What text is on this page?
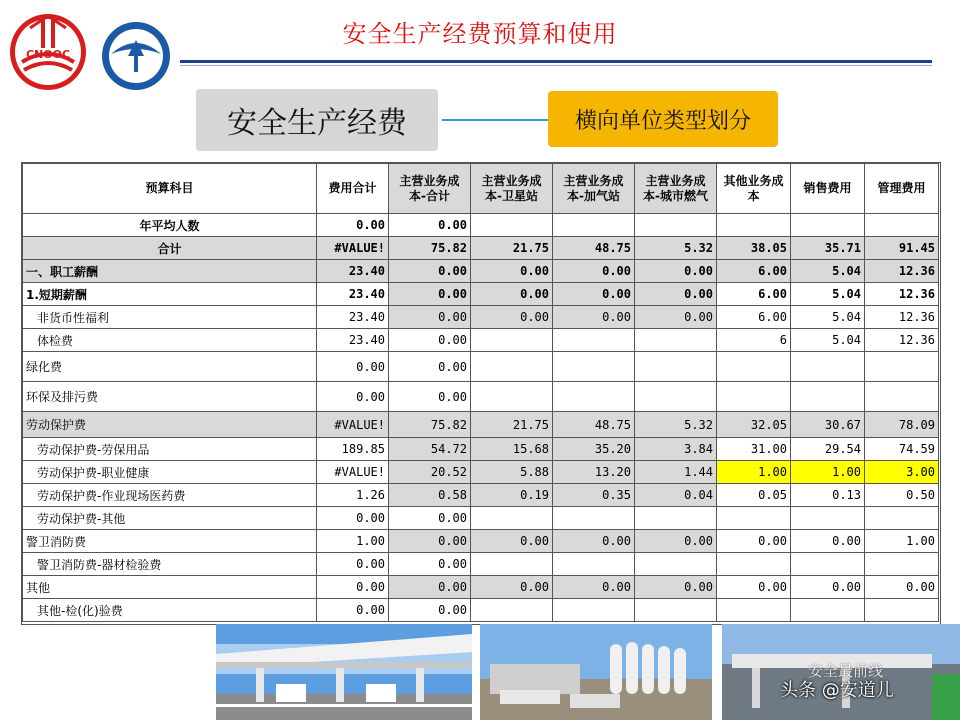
CNOOC
安全生产经费预算和使用
安全生产经费	横向单位类型划分
预算科目	费用合计	主营业务成本-合计	主营业务成本-卫星站	主营业务成本-加气站	主营业务成本-城市燃气	其他业务成本	销售费用	管理费用
年平均人数	0.00	0.00						
合计	#VALUE!	75.82	21.75	48.75	5.32	38.05	35.71	91.45
一、职工薪酬	23.40	0.00	0.00	0.00	0.00	6.00	5.04	12.36
1.短期薪酬	23.40	0.00	0.00	0.00	0.00	6.00	5.04	12.36
非货币性福利	23.40	0.00	0.00	0.00	0.00	6.00	5.04	12.36
体检费	23.40	0.00				6	5.04	12.36
绿化费	0.00	0.00						
环保及排污费	0.00	0.00						
劳动保护费	#VALUE!	75.82	21.75	48.75	5.32	32.05	30.67	78.09
劳动保护费-劳保用品	189.85	54.72	15.68	35.20	3.84	31.00	29.54	74.59
劳动保护费-职业健康	#VALUE!	20.52	5.88	13.20	1.44	1.00	1.00	3.00
劳动保护费-作业现场医药费	1.26	0.58	0.19	0.35	0.04	0.05	0.13	0.50
劳动保护费-其他	0.00	0.00						
警卫消防费	1.00	0.00	0.00	0.00	0.00	0.00	0.00	1.00
警卫消防费-器材检验费	0.00	0.00						
其他	0.00	0.00	0.00	0.00	0.00	0.00	0.00	0.00
其他-检(化)验费	0.00	0.00						
安全最前线
头条 @安道儿
